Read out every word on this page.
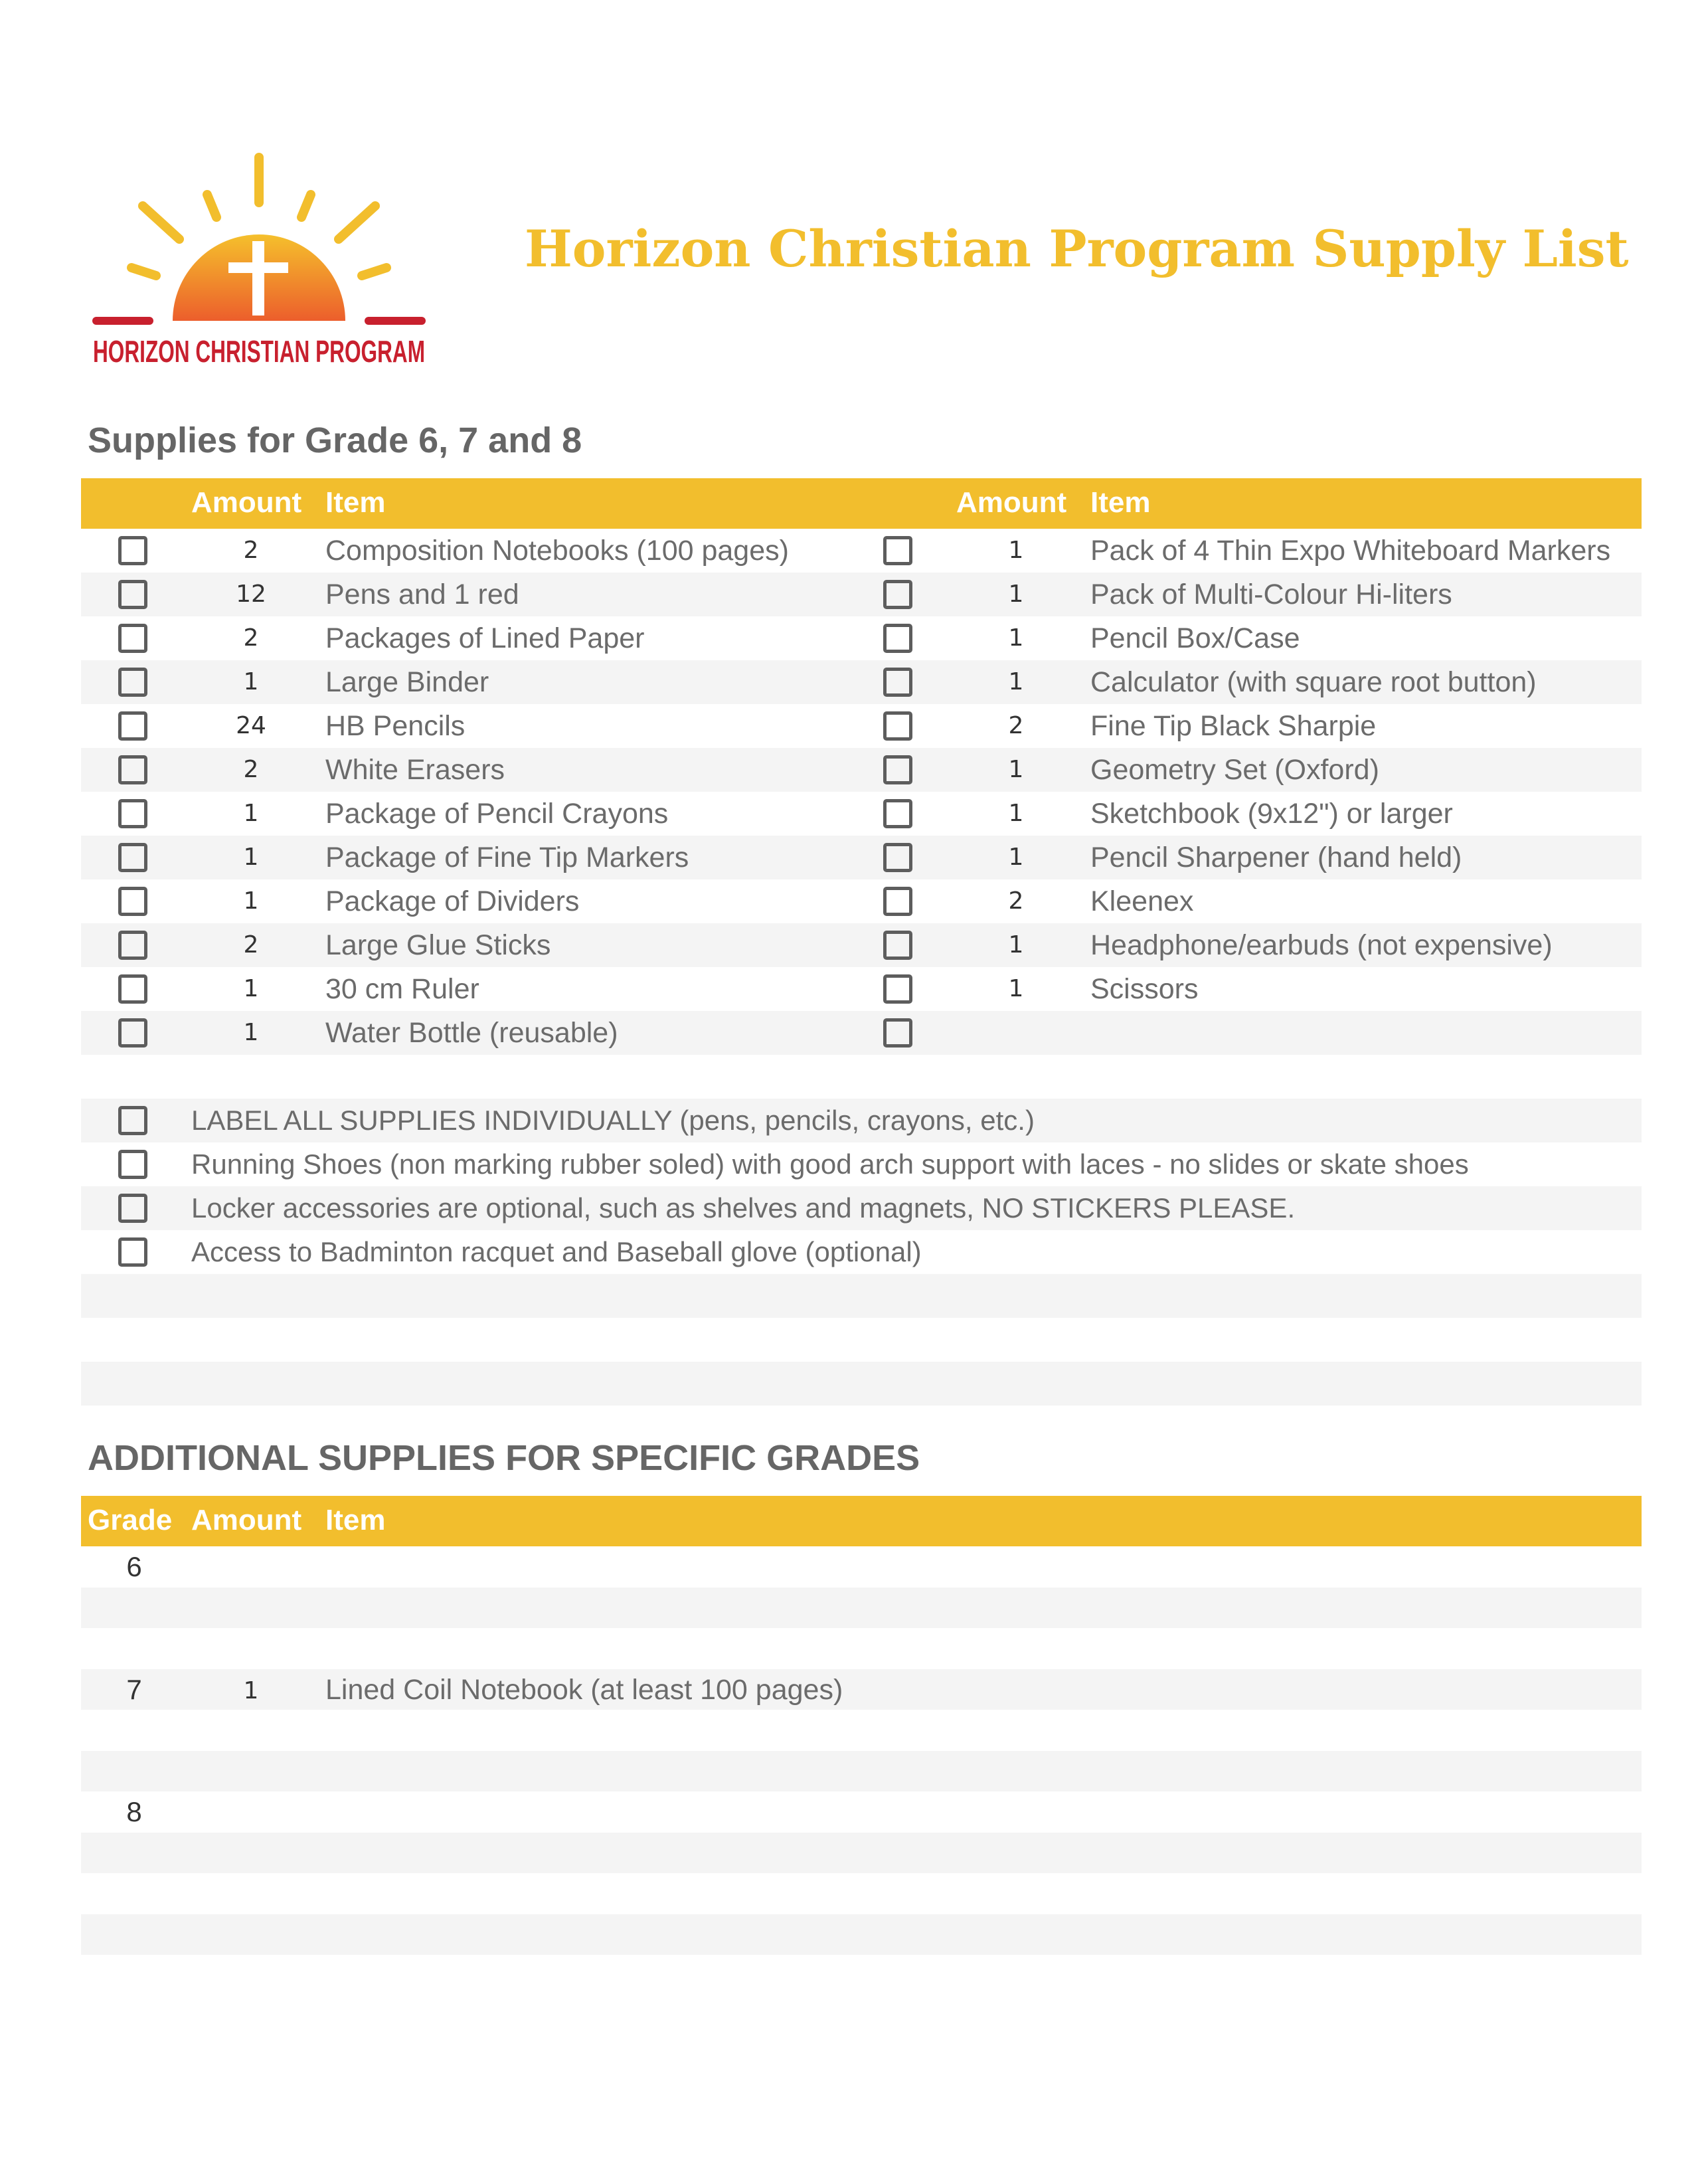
HORIZON CHRISTIAN PROGRAM
Horizon Christian Program Supply List
Supplies for Grade 6, 7 and 8
Amount Item	Amount Item
2	Composition Notebooks (100 pages)	1	Pack of 4 Thin Expo Whiteboard Markers
12	Pens and 1 red	1	Pack of Multi-Colour Hi-liters
2	Packages of Lined Paper	1	Pencil Box/Case
1	Large Binder	1	Calculator (with square root button)
24	HB Pencils	2	Fine Tip Black Sharpie
2	White Erasers	1	Geometry Set (Oxford)
1	Package of Pencil Crayons	1	Sketchbook (9x12") or larger
1	Package of Fine Tip Markers	1	Pencil Sharpener (hand held)
1	Package of Dividers	2	Kleenex
2	Large Glue Sticks	1	Headphone/earbuds (not expensive)
1	30 cm Ruler	1	Scissors
1	Water Bottle (reusable)
LABEL ALL SUPPLIES INDIVIDUALLY (pens, pencils, crayons, etc.)
Running Shoes (non marking rubber soled) with good arch support with laces - no slides or skate shoes
Locker accessories are optional, such as shelves and magnets, NO STICKERS PLEASE.
Access to Badminton racquet and Baseball glove (optional)
ADDITIONAL SUPPLIES FOR SPECIFIC GRADES
Grade Amount Item
6
7	1	Lined Coil Notebook (at least 100 pages)
8
